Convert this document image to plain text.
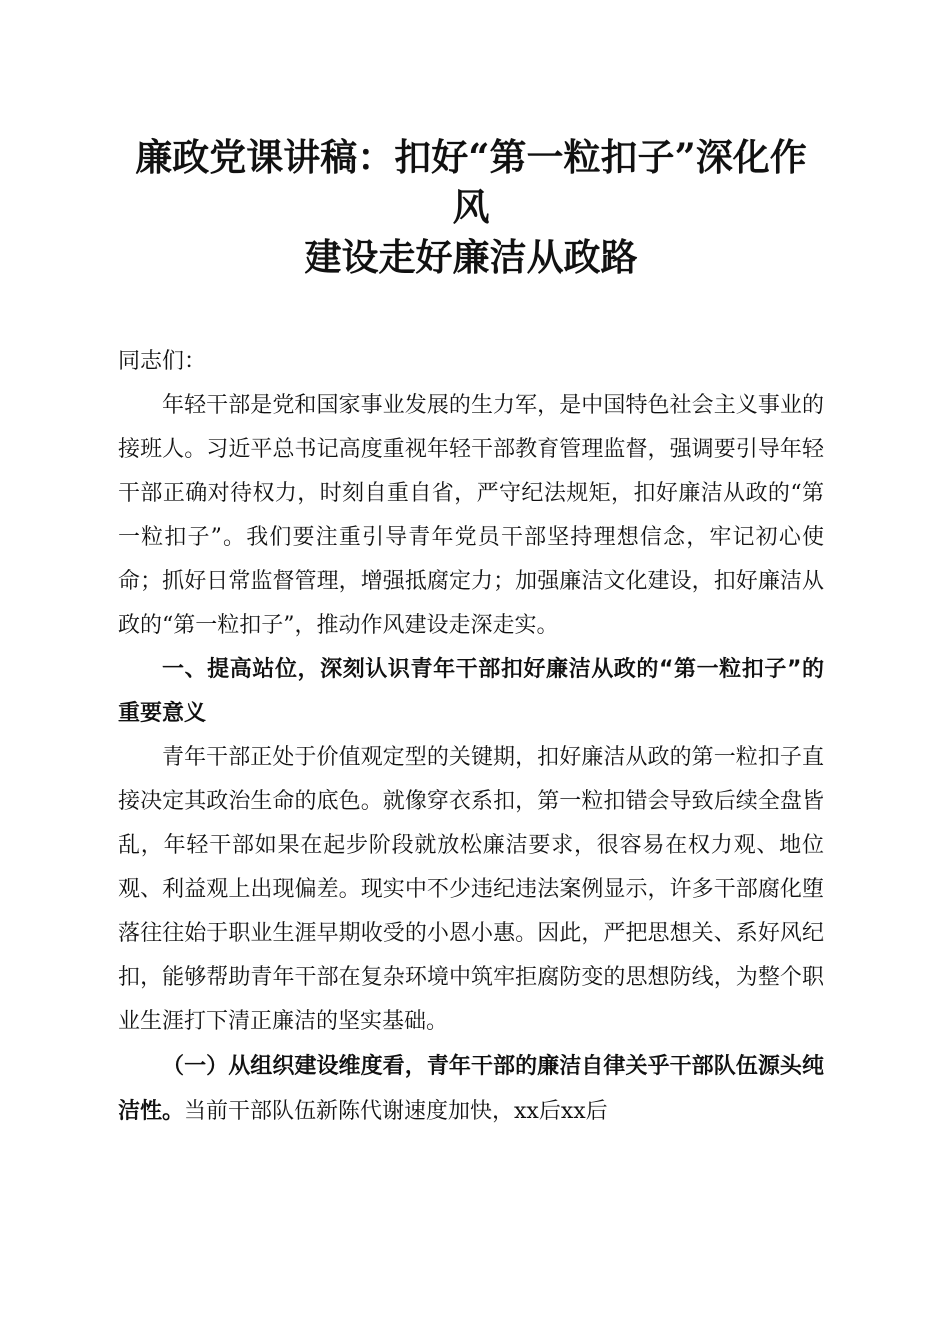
廉政党课讲稿：扣好“第一粒扣子”深化作风
建设走好廉洁从政路

同志们：

年轻干部是党和国家事业发展的生力军，是中国特色社会主义事业的接班人。习近平总书记高度重视年轻干部教育管理监督，强调要引导年轻干部正确对待权力，时刻自重自省，严守纪法规矩，扣好廉洁从政的“第一粒扣子”。我们要注重引导青年党员干部坚持理想信念，牢记初心使命；抓好日常监督管理，增强抵腐定力；加强廉洁文化建设，扣好廉洁从政的“第一粒扣子”，推动作风建设走深走实。

一、提高站位，深刻认识青年干部扣好廉洁从政的“第一粒扣子”的重要意义

青年干部正处于价值观定型的关键期，扣好廉洁从政的第一粒扣子直接决定其政治生命的底色。就像穿衣系扣，第一粒扣错会导致后续全盘皆乱，年轻干部如果在起步阶段就放松廉洁要求，很容易在权力观、地位观、利益观上出现偏差。现实中不少违纪违法案例显示，许多干部腐化堕落往往始于职业生涯早期收受的小恩小惠。因此，严把思想关、系好风纪扣，能够帮助青年干部在复杂环境中筑牢拒腐防变的思想防线，为整个职业生涯打下清正廉洁的坚实基础。

（一）从组织建设维度看，青年干部的廉洁自律关乎干部队伍源头纯洁性。当前干部队伍新陈代谢速度加快，xx后xx后
